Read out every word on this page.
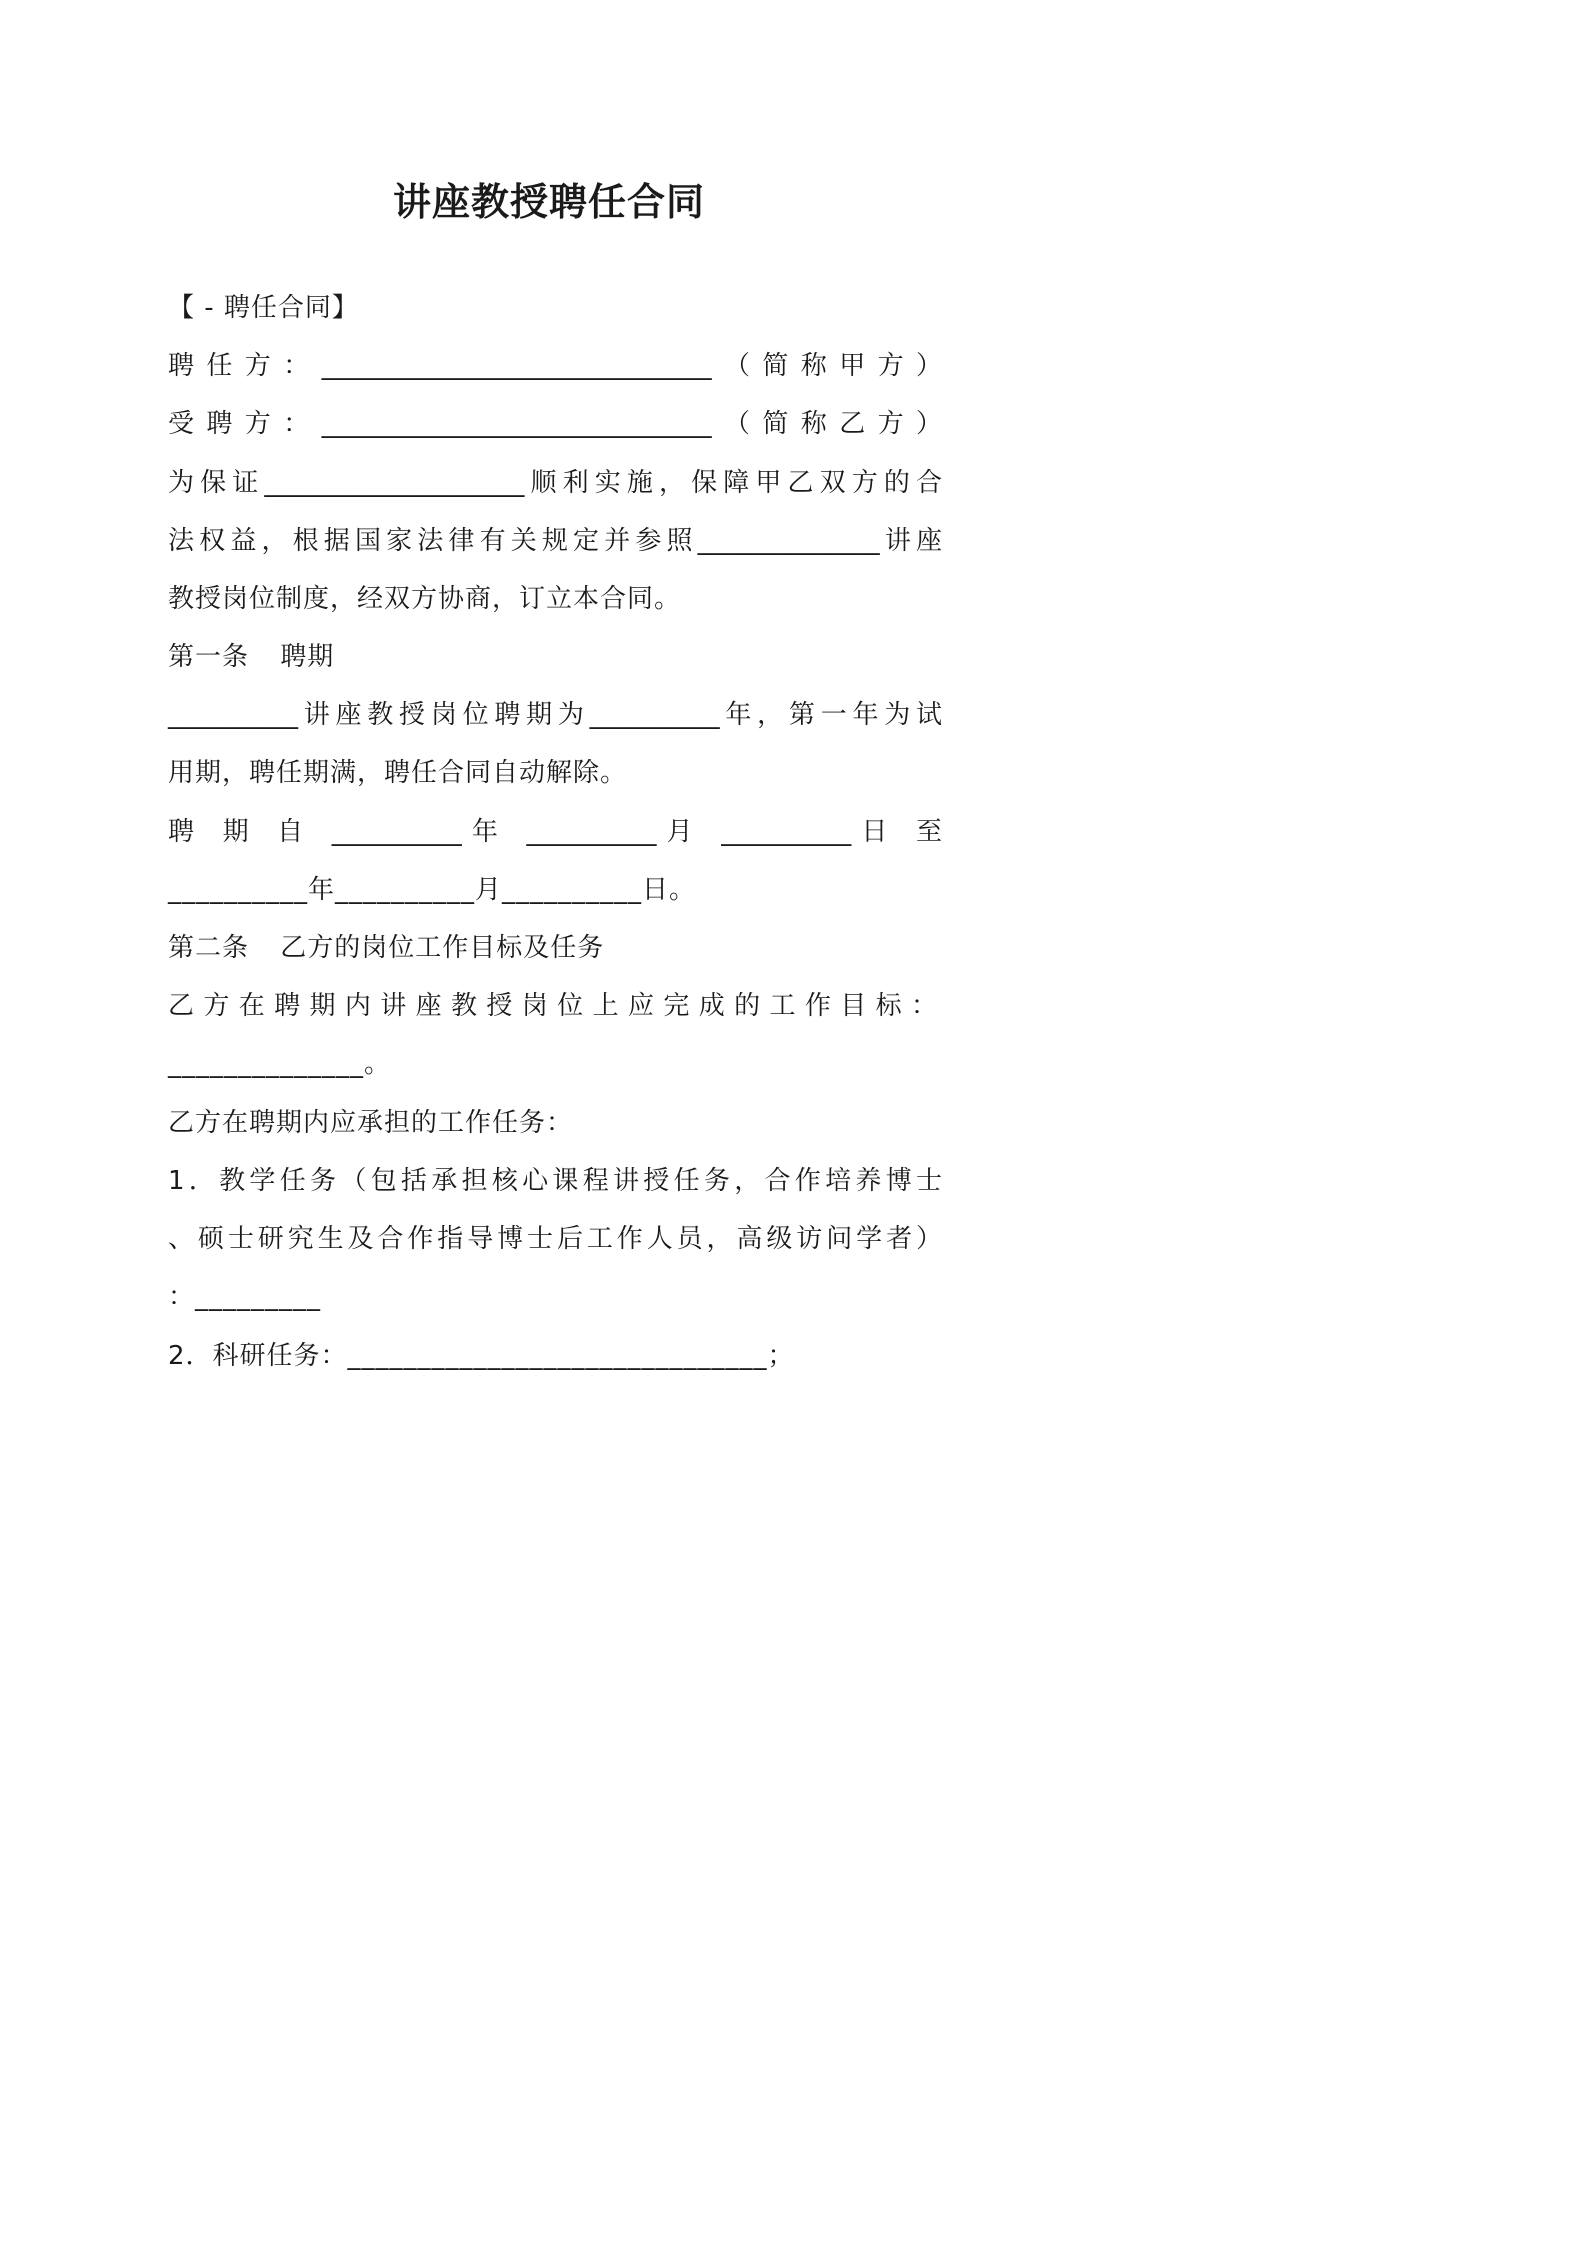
讲座教授聘任合同
【 - 聘任合同】
聘任方：______________________________（简称甲方）
受聘方：______________________________（简称乙方）
为保证____________________顺利实施，保障甲乙双方的合
法权益，根据国家法律有关规定并参照______________讲座
教授岗位制度，经双方协商，订立本合同。
第一条 聘期
__________讲座教授岗位聘期为__________年，第一年为试
用期，聘任期满，聘任合同自动解除。
聘 期 自 __________年 __________月 __________日 至
__________年__________月__________日。
第二条 乙方的岗位工作目标及任务
乙方在聘期内讲座教授岗位上应完成的工作目标：
______________。
乙方在聘期内应承担的工作任务：
1．教学任务（包括承担核心课程讲授任务，合作培养博士
、硕士研究生及合作指导博士后工作人员，高级访问学者）
：_________
2．科研任务：______________________________；
